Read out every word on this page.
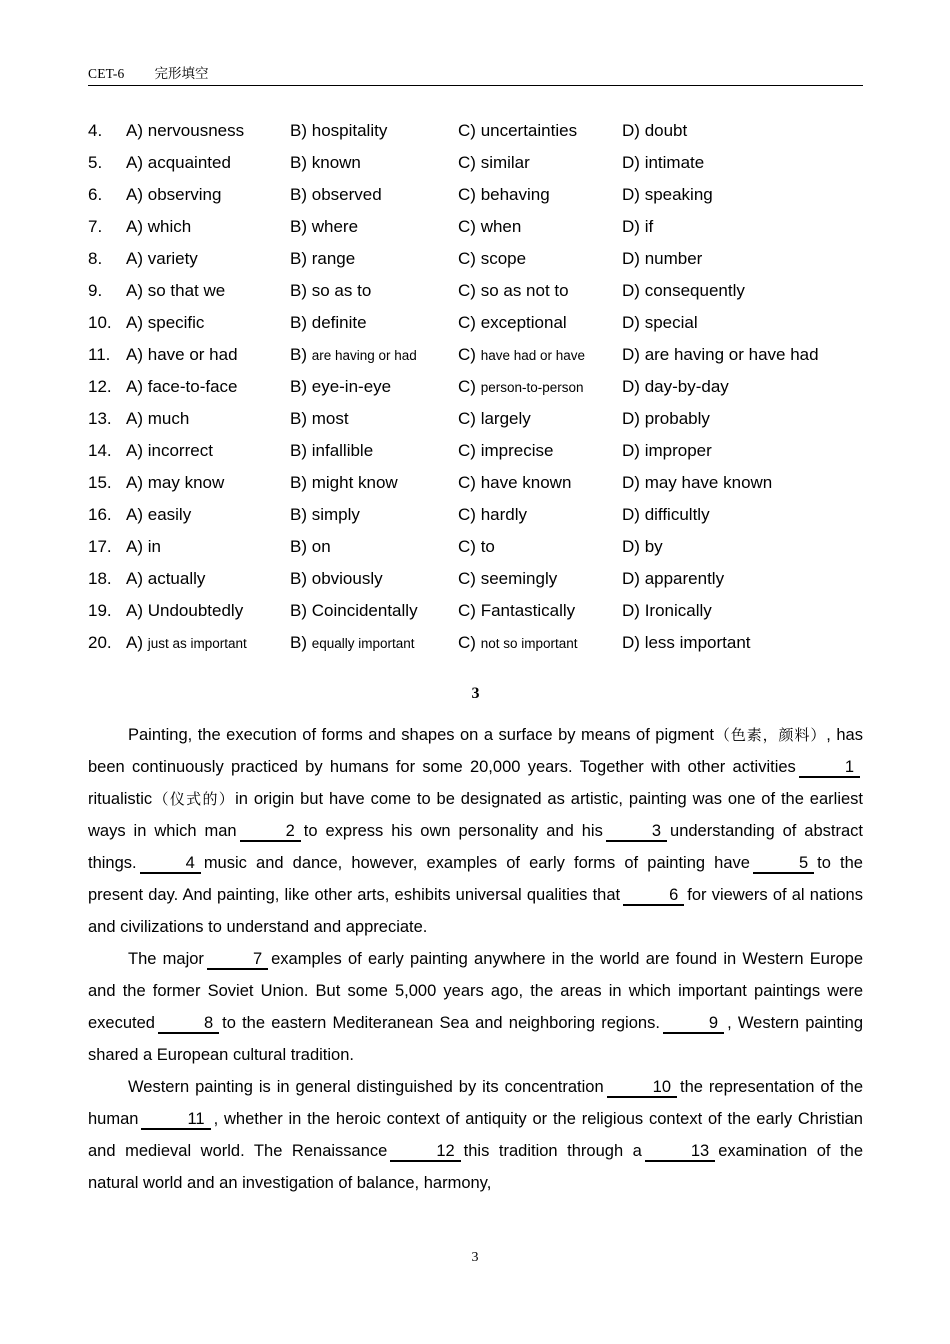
CET-6 完形填空
4.	A) nervousness	B) hospitality	C) uncertainties	D) doubt
5.	A) acquainted	B) known	C) similar	D) intimate
6.	A) observing	B) observed	C) behaving	D) speaking
7.	A) which	B) where	C) when	D) if
8.	A) variety	B) range	C) scope	D) number
9.	A) so that we	B) so as to	C) so as not to	D) consequently
10. A) specific	B) definite	C) exceptional	D) special
11. A) have or had	B) are having or had C) have had or have D) are having or have had
12. A) face-to-face	B) eye-in-eye	C) person-to-person D) day-by-day
13. A) much	B) most	C) largely	D) probably
14. A) incorrect	B) infallible	C) imprecise	D) improper
15. A) may know	B) might know	C) have known	D) may have known
16. A) easily	B) simply	C) hardly	D) difficultly
17. A) in	B) on	C) to	D) by
18. A) actually	B) obviously	C) seemingly	D) apparently
19. A) Undoubtedly	B) Coincidentally C) Fantastically	D) Ironically
20. A) just as important	B) equally important	C) not so important	D) less important
3

Painting, the execution of forms and shapes on a surface by means of pigment（色素，颜料）, has been continuously practiced by humans for some 20,000 years. Together with other activities	1ritualistic（仪式的）in origin but have come to be designated as artistic, painting was one of the earliest ways in which man	2 to express his own personality and his	3 understanding of abstract things.	4 music and dance, however, examples of early forms of painting have	5 to the present day. And painting, like other arts, eshibits universal qualities that	6 for viewers of al nations and civilizations to understand and appreciate.

The major	7 examples of early painting anywhere in the world are found in Western Europe and the former Soviet Union. But some 5,000 years ago, the areas in which important paintings were executed	8 to the eastern Mediteranean Sea and neighboring regions.	9 , Western painting shared a European cultural tradition.

Western painting is in general distinguished by its concentration	10 the representation of the human	11 , whether in the heroic context of antiquity or the religious context of the early Christian and medieval world. The Renaissance	12 this tradition through a	13 examination of the natural world and an investigation of balance, harmony,

3
